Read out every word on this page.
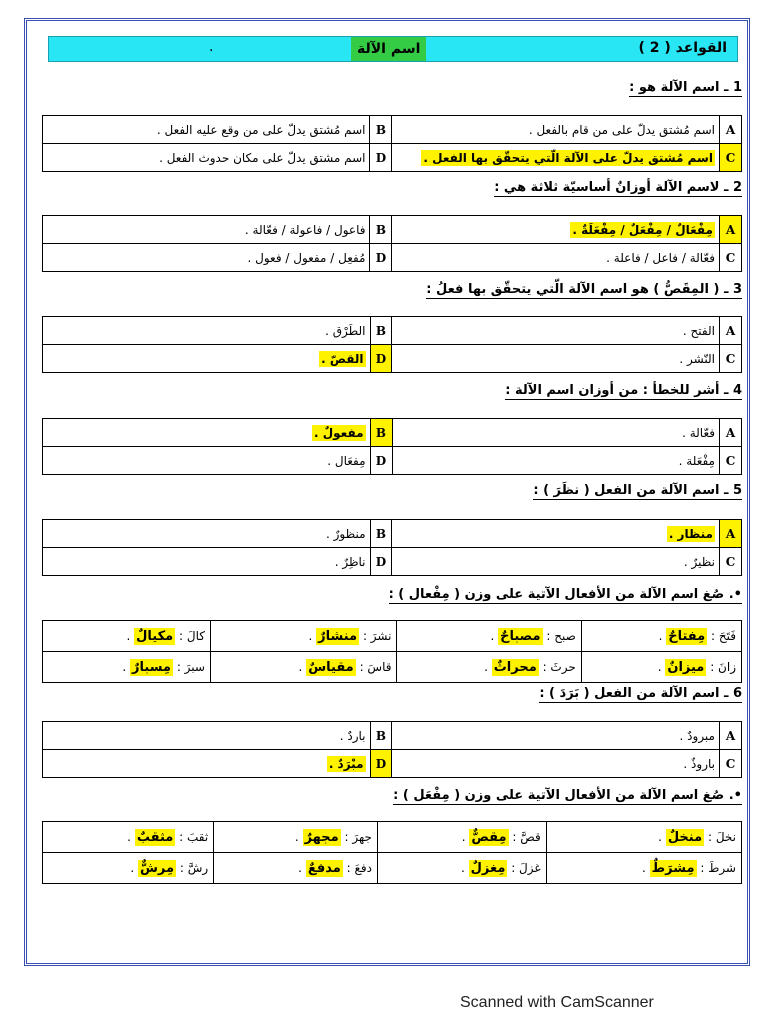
القواعد ( 2 )
اسم الآلة
.
1 ـ اسم الآلة هو :
اسم مُشتق يدلّ على من وقع عليه الفعل .	B	اسم مُشتق يدلّ على من قام بالفعل .	A
اسم مشتق يدلّ على مكان حدوث الفعل .	D	اسم مُشتق يدلّ على الآلة الّتي يتحقّق بها الفعل .	C
2 ـ لاسم الآلة أوزانٌ أساسيّة ثلاثة هي :
فاعول / فاعولة / فعّالة .	B	مِفْعَالٌ / مِفْعَلٌ / مِفْعَلَةٌ .	A
مُفعِل / مفعول / فعول .	D	فعّالة / فاعل / فاعلة .	C
3 ـ ( المِقَصُّ ) هو اسم الآلة الّتي يتحقّق بها فعلُ :
الطَرْق .	B	الفتح .	A
القصّ .	D	النّشر .	C
4 ـ أشر للخطأ : من أوزان اسم الآلة :
مفعولٌ .	B	فعّالة .	A
مِفعَال .	D	مِفْعَلة .	C
5 ـ اسم الآلة من الفعل ( نظَرَ ) :
منظورٌ .	B	منظار .	A
ناظِرٌ .	D	نظيرٌ .	C
•. صُغ اسم الآلة من الأفعال الآتية على وزن ( مِفْعال ) :
فَتَحَ : مِفتاحٌ .	صبح : مصباحٌ .	نشرَ : منشارٌ .	كالَ : مكيالٌ .
زانَ : ميزانٌ .	حرثَ : محراثٌ .	قاسَ : مقياسٌ .	سبرَ : مِسبارٌ .
6 ـ اسم الآلة من الفعل ( بَرَدَ ) :
باردٌ .	B	مبرودٌ .	A
مبْرَدٌ .	D	باروذٌ .	C
•. صُغ اسم الآلة من الأفعال الآتية على وزن ( مِفْعَل ) :
نخلَ : منخلٌ .	قصَّ : مِقصٌّ .	جهرَ : مجهرٌ .	ثقبَ : مثقبٌ .
شرطَ : مِشرَطٌ .	غزلَ : مِغزلٌ .	دفعَ : مدفعٌ .	رشَّ : مِرشٌّ .
Scanned with CamScanner
